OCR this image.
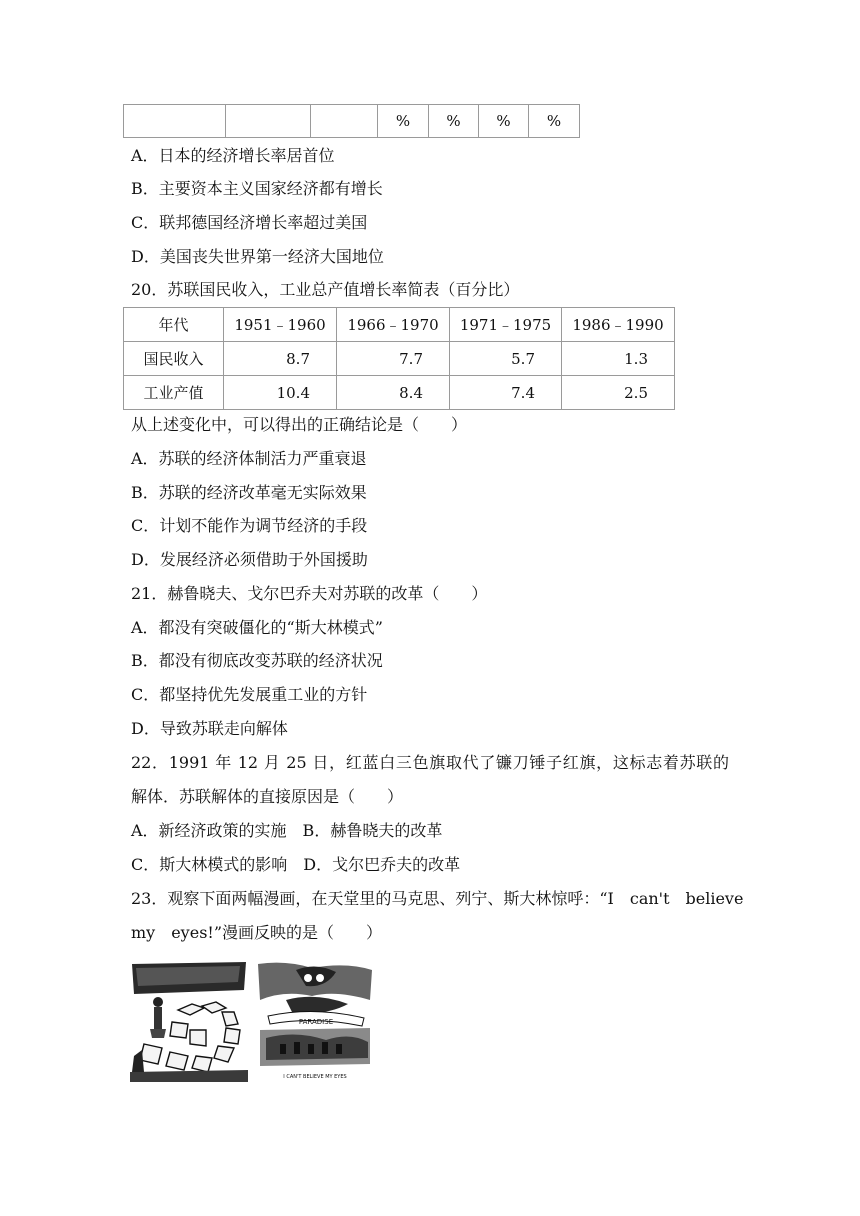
			%	%	%	%
A．日本的经济增长率居首位
B．主要资本主义国家经济都有增长
C．联邦德国经济增长率超过美国
D．美国丧失世界第一经济大国地位
20．苏联国民收入，工业总产值增长率简表（百分比）
年代	1951﹣1960	1966﹣1970	1971﹣1975	1986﹣1990
国民收入	8.7	7.7	5.7	1.3
工业产值	10.4	8.4	7.4	2.5
从上述变化中，可以得出的正确结论是（　　）
A．苏联的经济体制活力严重衰退
B．苏联的经济改革毫无实际效果
C．计划不能作为调节经济的手段
D．发展经济必须借助于外国援助
21．赫鲁晓夫、戈尔巴乔夫对苏联的改革（　　）
A．都没有突破僵化的“斯大林模式”
B．都没有彻底改变苏联的经济状况
C．都坚持优先发展重工业的方针
D．导致苏联走向解体
22．1991 年 12 月 25 日，红蓝白三色旗取代了镰刀锤子红旗，这标志着苏联的
解体．苏联解体的直接原因是（　　）
A．新经济政策的实施　B．赫鲁晓夫的改革
C．斯大林模式的影响　D．戈尔巴乔夫的改革
23．观察下面两幅漫画，在天堂里的马克思、列宁、斯大林惊呼：“I　can't　believe
my　eyes!”漫画反映的是（　　）
PARADISE
I CAN'T BELIEVE MY EYES
